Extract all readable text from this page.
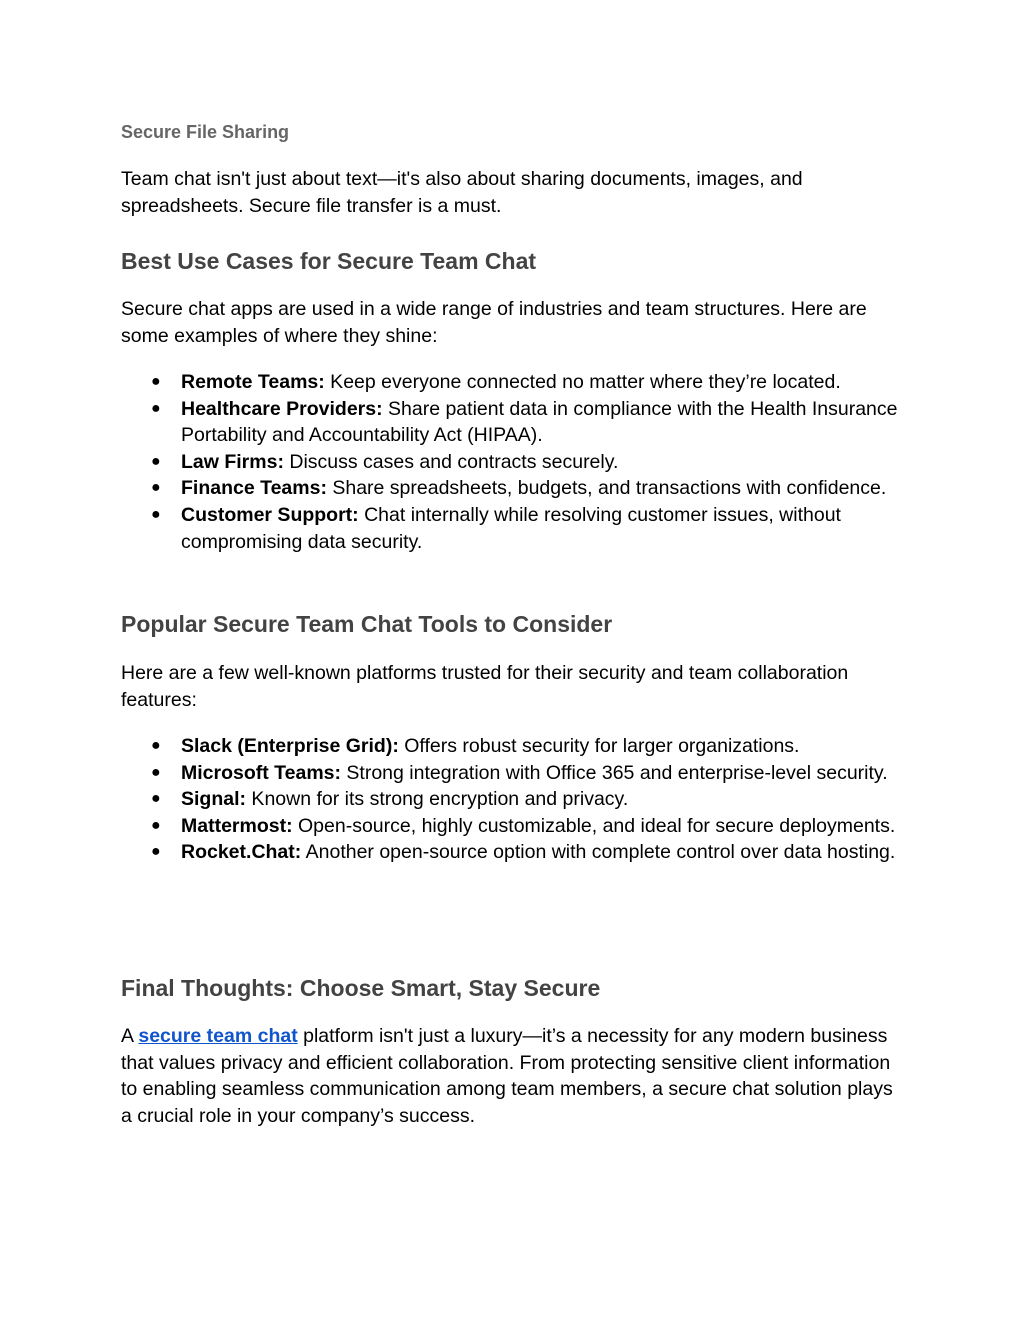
Secure File Sharing

Team chat isn't just about text—it's also about sharing documents, images, and spreadsheets. Secure file transfer is a must.

Best Use Cases for Secure Team Chat

Secure chat apps are used in a wide range of industries and team structures. Here are some examples of where they shine:

● Remote Teams: Keep everyone connected no matter where they’re located.
● Healthcare Providers: Share patient data in compliance with the Health Insurance Portability and Accountability Act (HIPAA).
● Law Firms: Discuss cases and contracts securely.
● Finance Teams: Share spreadsheets, budgets, and transactions with confidence.
● Customer Support: Chat internally while resolving customer issues, without compromising data security.
Popular Secure Team Chat Tools to Consider

Here are a few well-known platforms trusted for their security and team collaboration features:

● Slack (Enterprise Grid): Offers robust security for larger organizations.
● Microsoft Teams: Strong integration with Office 365 and enterprise-level security.
● Signal: Known for its strong encryption and privacy.
● Mattermost: Open-source, highly customizable, and ideal for secure deployments.
● Rocket.Chat: Another open-source option with complete control over data hosting.
Final Thoughts: Choose Smart, Stay Secure

A secure team chat platform isn't just a luxury—it’s a necessity for any modern business that values privacy and efficient collaboration. From protecting sensitive client information to enabling seamless communication among team members, a secure chat solution plays a crucial role in your company’s success.
